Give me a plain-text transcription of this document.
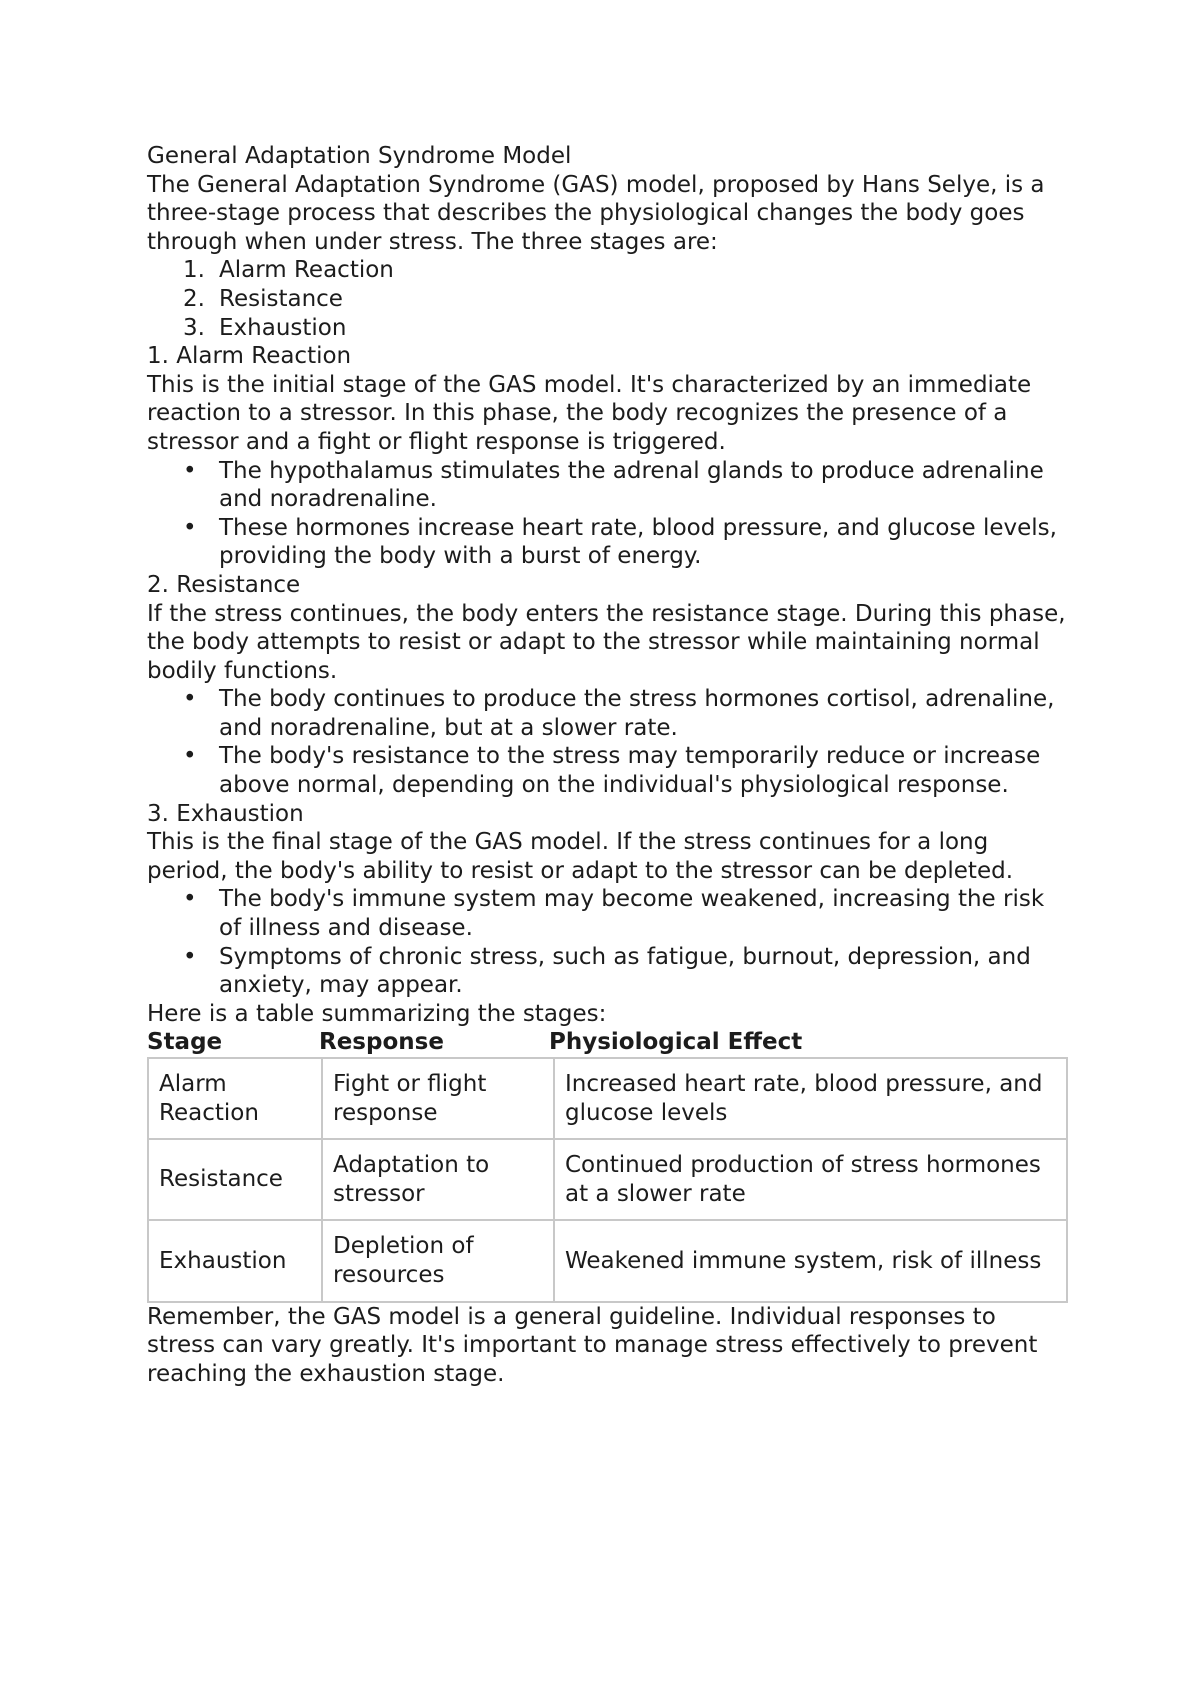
General Adaptation Syndrome Model

The General Adaptation Syndrome (GAS) model, proposed by Hans Selye, is a three-stage process that describes the physiological changes the body goes through when under stress. The three stages are:

1. Alarm Reaction
2. Resistance
3. Exhaustion

1. Alarm Reaction

This is the initial stage of the GAS model. It's characterized by an immediate reaction to a stressor. In this phase, the body recognizes the presence of a stressor and a fight or flight response is triggered.

• The hypothalamus stimulates the adrenal glands to produce adrenaline and noradrenaline.
• These hormones increase heart rate, blood pressure, and glucose levels, providing the body with a burst of energy.

2. Resistance

If the stress continues, the body enters the resistance stage. During this phase, the body attempts to resist or adapt to the stressor while maintaining normal bodily functions.

• The body continues to produce the stress hormones cortisol, adrenaline, and noradrenaline, but at a slower rate.
• The body's resistance to the stress may temporarily reduce or increase above normal, depending on the individual's physiological response.

3. Exhaustion

This is the final stage of the GAS model. If the stress continues for a long period, the body's ability to resist or adapt to the stressor can be depleted.

• The body's immune system may become weakened, increasing the risk of illness and disease.
• Symptoms of chronic stress, such as fatigue, burnout, depression, and anxiety, may appear.

Here is a table summarizing the stages:

Stage	Response	Physiological Effect
Alarm Reaction	Fight or flight response	Increased heart rate, blood pressure, and glucose levels
Resistance	Adaptation to stressor	Continued production of stress hormones at a slower rate
Exhaustion	Depletion of resources	Weakened immune system, risk of illness

Remember, the GAS model is a general guideline. Individual responses to stress can vary greatly. It's important to manage stress effectively to prevent reaching the exhaustion stage.
